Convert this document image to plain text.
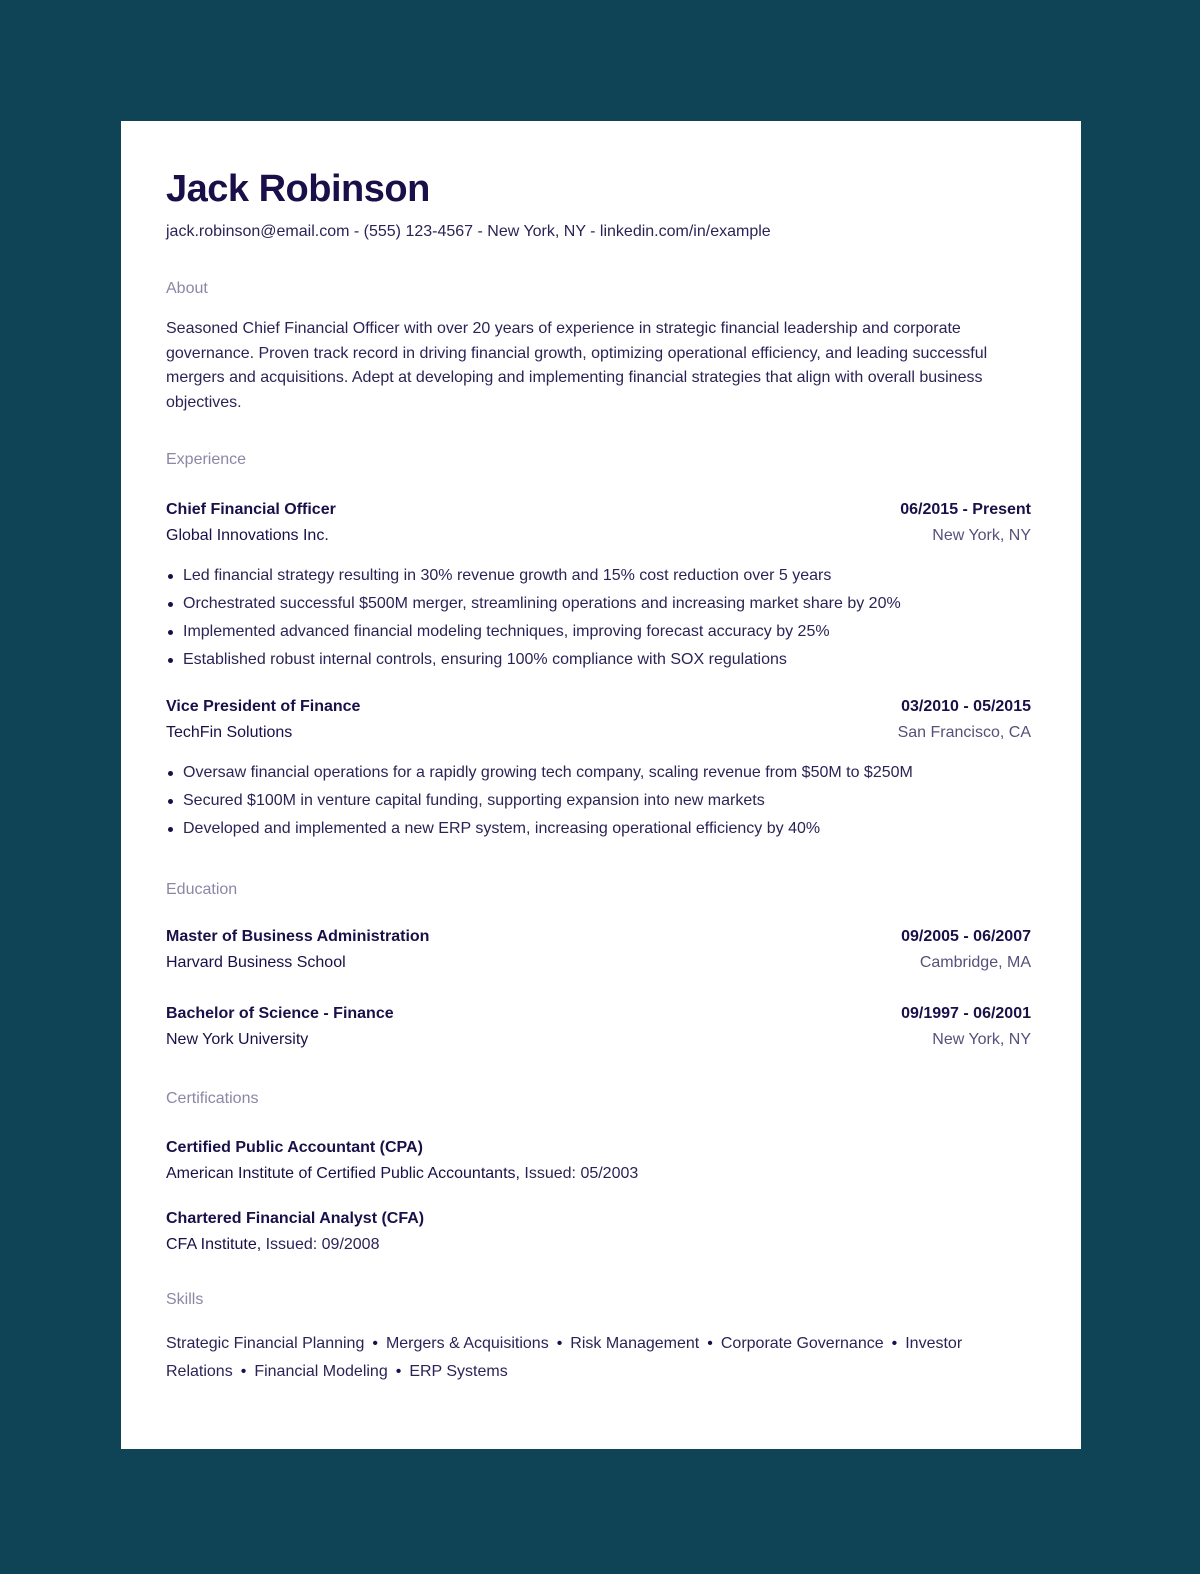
Jack Robinson
jack.robinson@email.com - (555) 123-4567 - New York, NY - linkedin.com/in/example
About
Seasoned Chief Financial Officer with over 20 years of experience in strategic financial leadership and corporate governance. Proven track record in driving financial growth, optimizing operational efficiency, and leading successful mergers and acquisitions. Adept at developing and implementing financial strategies that align with overall business objectives.
Experience
Chief Financial Officer	06/2015 - Present
Global Innovations Inc.	New York, NY
Led financial strategy resulting in 30% revenue growth and 15% cost reduction over 5 years
Orchestrated successful $500M merger, streamlining operations and increasing market share by 20%
Implemented advanced financial modeling techniques, improving forecast accuracy by 25%
Established robust internal controls, ensuring 100% compliance with SOX regulations
Vice President of Finance	03/2010 - 05/2015
TechFin Solutions	San Francisco, CA
Oversaw financial operations for a rapidly growing tech company, scaling revenue from $50M to $250M
Secured $100M in venture capital funding, supporting expansion into new markets
Developed and implemented a new ERP system, increasing operational efficiency by 40%
Education
Master of Business Administration	09/2005 - 06/2007
Harvard Business School	Cambridge, MA
Bachelor of Science - Finance	09/1997 - 06/2001
New York University	New York, NY
Certifications
Certified Public Accountant (CPA)
American Institute of Certified Public Accountants, Issued: 05/2003
Chartered Financial Analyst (CFA)
CFA Institute, Issued: 09/2008
Skills
Strategic Financial Planning • Mergers & Acquisitions • Risk Management • Corporate Governance • Investor Relations • Financial Modeling • ERP Systems
